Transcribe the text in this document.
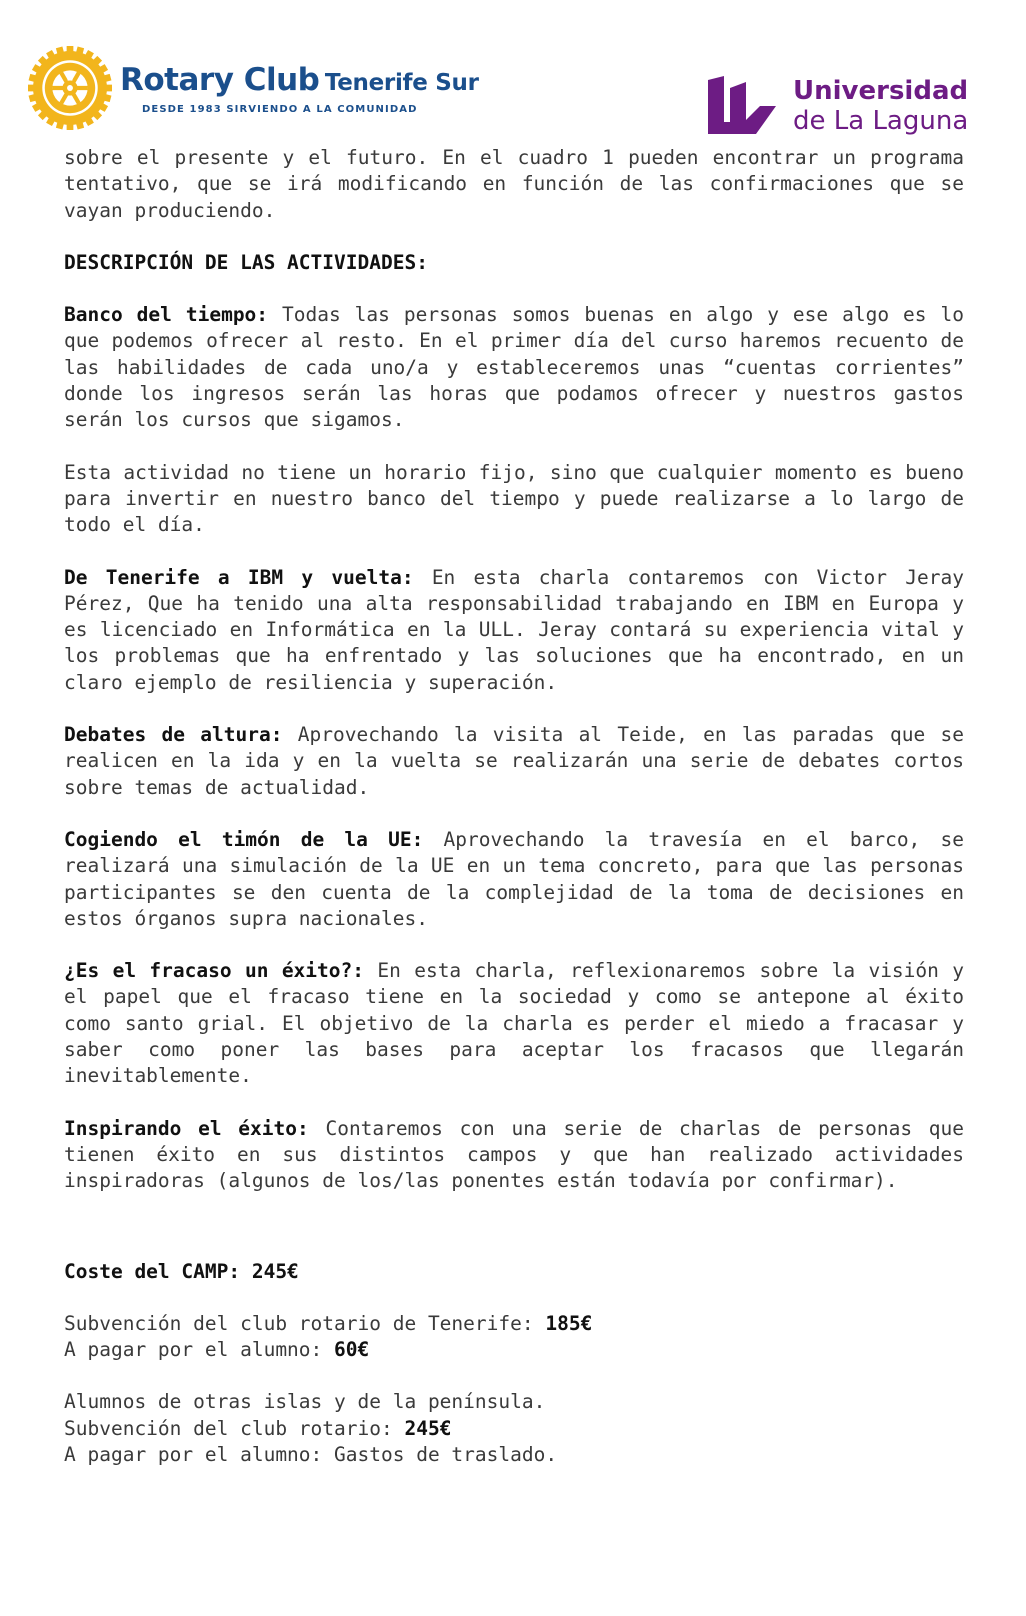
Rotary Club Tenerife Sur
DESDE 1983 SIRVIENDO A LA COMUNIDAD
Universidad
de La Laguna

sobre el presente y el futuro. En el cuadro 1 pueden encontrar un programa tentativo, que se irá modificando en función de las confirmaciones que se vayan produciendo.

DESCRIPCIÓN DE LAS ACTIVIDADES:

Banco del tiempo: Todas las personas somos buenas en algo y ese algo es lo que podemos ofrecer al resto. En el primer día del curso haremos recuento de las habilidades de cada uno/a y estableceremos unas “cuentas corrientes” donde los ingresos serán las horas que podamos ofrecer y nuestros gastos serán los cursos que sigamos.

Esta actividad no tiene un horario fijo, sino que cualquier momento es bueno para invertir en nuestro banco del tiempo y puede realizarse a lo largo de todo el día.

De Tenerife a IBM y vuelta: En esta charla contaremos con Victor Jeray Pérez, Que ha tenido una alta responsabilidad trabajando en IBM en Europa y es licenciado en Informática en la ULL. Jeray contará su experiencia vital y los problemas que ha enfrentado y las soluciones que ha encontrado, en un claro ejemplo de resiliencia y superación.

Debates de altura: Aprovechando la visita al Teide, en las paradas que se realicen en la ida y en la vuelta se realizarán una serie de debates cortos sobre temas de actualidad.

Cogiendo el timón de la UE: Aprovechando la travesía en el barco, se realizará una simulación de la UE en un tema concreto, para que las personas participantes se den cuenta de la complejidad de la toma de decisiones en estos órganos supra nacionales.

¿Es el fracaso un éxito?: En esta charla, reflexionaremos sobre la visión y el papel que el fracaso tiene en la sociedad y como se antepone al éxito como santo grial. El objetivo de la charla es perder el miedo a fracasar y saber como poner las bases para aceptar los fracasos que llegarán inevitablemente.

Inspirando el éxito: Contaremos con una serie de charlas de personas que tienen éxito en sus distintos campos y que han realizado actividades inspiradoras (algunos de los/las ponentes están todavía por confirmar).

Coste del CAMP: 245€

Subvención del club rotario de Tenerife: 185€
A pagar por el alumno: 60€

Alumnos de otras islas y de la península.
Subvención del club rotario: 245€
A pagar por el alumno: Gastos de traslado.
